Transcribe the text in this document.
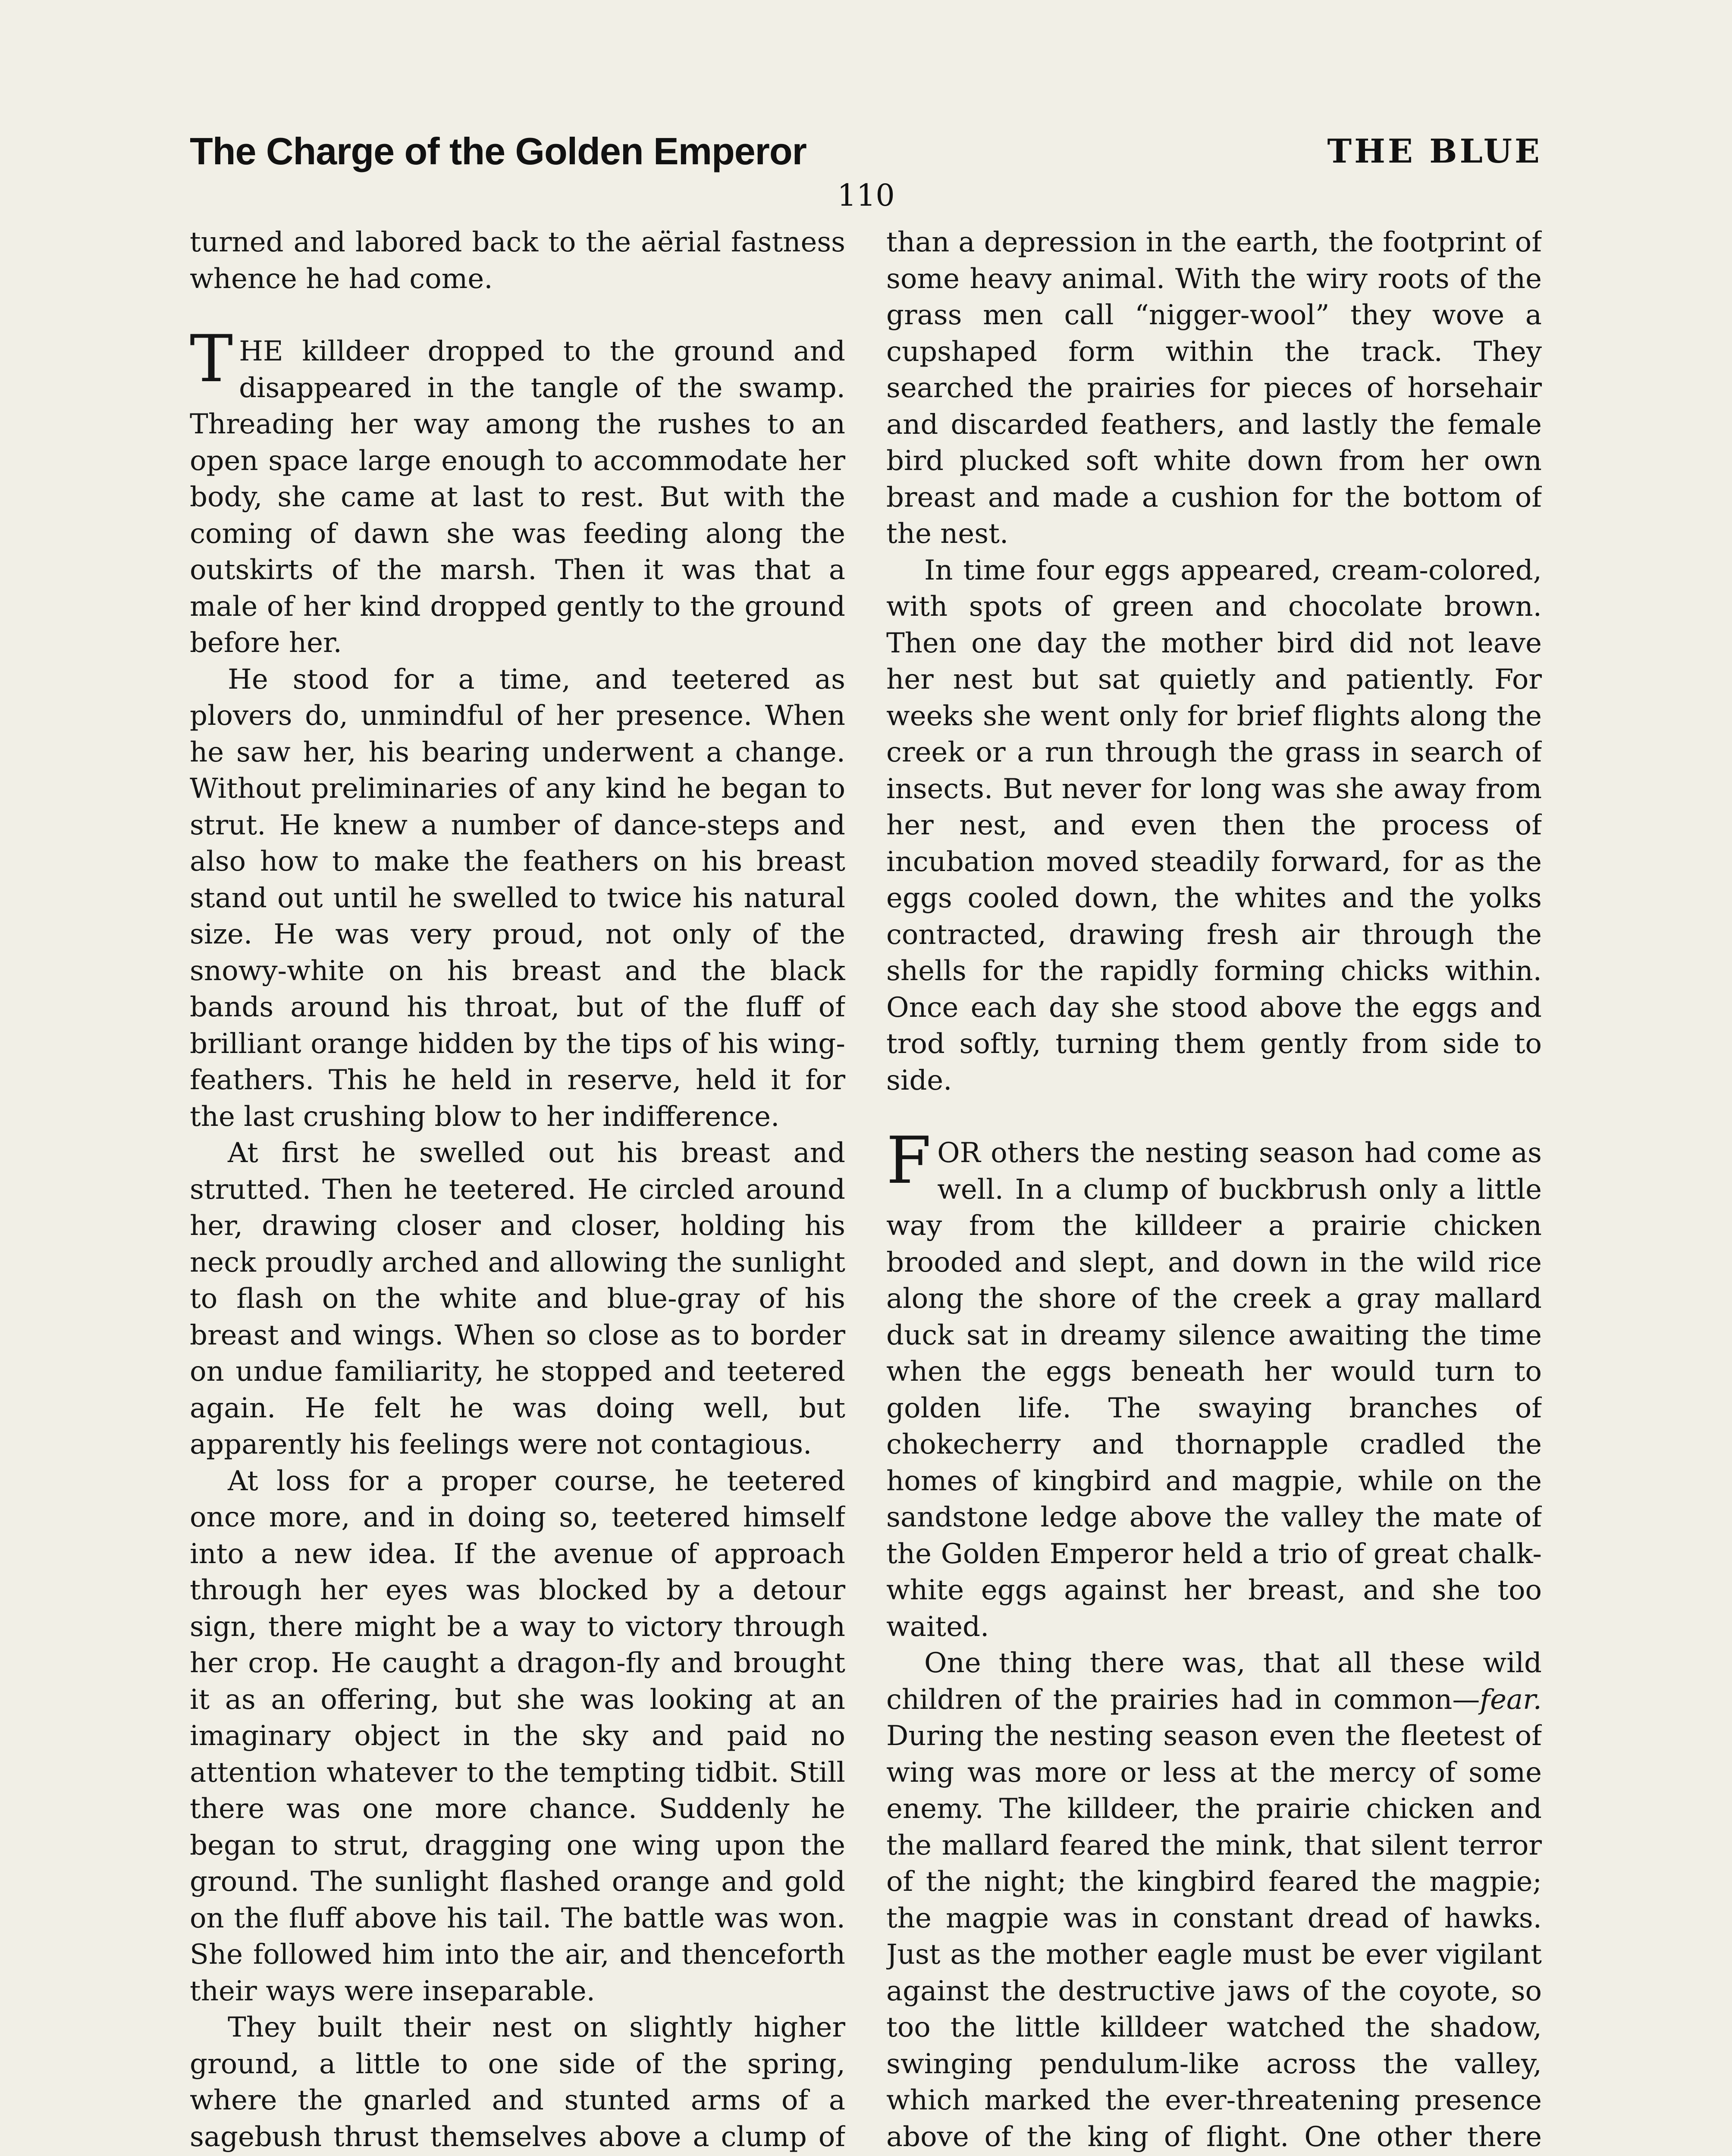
The Charge of the Golden Emperor	THE BLUE
110

turned and labored back to the aërial fastness whence he had come.

THE killdeer dropped to the ground and disappeared in the tangle of the swamp. Threading her way among the rushes to an open space large enough to accommodate her body, she came at last to rest. But with the coming of dawn she was feeding along the outskirts of the marsh. Then it was that a male of her kind dropped gently to the ground before her.

He stood for a time, and teetered as plovers do, unmindful of her presence. When he saw her, his bearing underwent a change. Without preliminaries of any kind he began to strut. He knew a number of dance-steps and also how to make the feathers on his breast stand out until he swelled to twice his natural size. He was very proud, not only of the snowy-white on his breast and the black bands around his throat, but of the fluff of brilliant orange hidden by the tips of his wing-feathers. This he held in reserve, held it for the last crushing blow to her indifference.

At first he swelled out his breast and strutted. Then he teetered. He circled around her, drawing closer and closer, holding his neck proudly arched and allowing the sunlight to flash on the white and blue-gray of his breast and wings. When so close as to border on undue familiarity, he stopped and teetered again. He felt he was doing well, but apparently his feelings were not contagious.

At loss for a proper course, he teetered once more, and in doing so, teetered himself into a new idea. If the avenue of approach through her eyes was blocked by a detour sign, there might be a way to victory through her crop. He caught a dragon-fly and brought it as an offering, but she was looking at an imaginary object in the sky and paid no attention whatever to the tempting tidbit. Still there was one more chance. Suddenly he began to strut, dragging one wing upon the ground. The sunlight flashed orange and gold on the fluff above his tail. The battle was won. She followed him into the air, and thenceforth their ways were inseparable.

They built their nest on slightly higher ground, a little to one side of the spring, where the gnarled and stunted arms of a sagebush thrust themselves above a clump of

than a depression in the earth, the footprint of some heavy animal. With the wiry roots of the grass men call “nigger-wool” they wove a cupshaped form within the track. They searched the prairies for pieces of horsehair and discarded feathers, and lastly the female bird plucked soft white down from her own breast and made a cushion for the bottom of the nest.

In time four eggs appeared, cream-colored, with spots of green and chocolate brown. Then one day the mother bird did not leave her nest but sat quietly and patiently. For weeks she went only for brief flights along the creek or a run through the grass in search of insects. But never for long was she away from her nest, and even then the process of incubation moved steadily forward, for as the eggs cooled down, the whites and the yolks contracted, drawing fresh air through the shells for the rapidly forming chicks within. Once each day she stood above the eggs and trod softly, turning them gently from side to side.

FOR others the nesting season had come as well. In a clump of buckbrush only a little way from the killdeer a prairie chicken brooded and slept, and down in the wild rice along the shore of the creek a gray mallard duck sat in dreamy silence awaiting the time when the eggs beneath her would turn to golden life. The swaying branches of chokecherry and thornapple cradled the homes of kingbird and magpie, while on the sandstone ledge above the valley the mate of the Golden Emperor held a trio of great chalk-white eggs against her breast, and she too waited.

One thing there was, that all these wild children of the prairies had in common—fear. During the nesting season even the fleetest of wing was more or less at the mercy of some enemy. The killdeer, the prairie chicken and the mallard feared the mink, that silent terror of the night; the kingbird feared the magpie; the magpie was in constant dread of hawks. Just as the mother eagle must be ever vigilant against the destructive jaws of the coyote, so too the little killdeer watched the shadow, swinging pendulum-like across the valley, which marked the ever-threatening presence above of the king of flight. One other there
